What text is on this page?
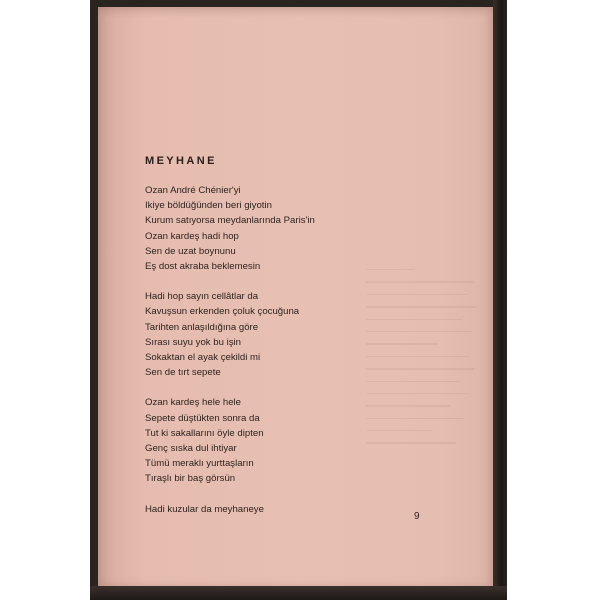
MEYHANE
Ozan André Chénier'yi
Ikiye böldüğünden beri giyotin
Kurum satıyorsa meydanlarında Paris'in
Ozan kardeş hadi hop
Sen de uzat boynunu
Eş dost akraba beklemesin
Hadi hop sayın cellâtlar da
Kavuşsun erkenden çoluk çocuğuna
Tarihten anlaşıldığına göre
Sırası suyu yok bu işin
Sokaktan el ayak çekildi mi
Sen de tırt sepete
Ozan kardeş hele hele
Sepete düştükten sonra da
Tut ki sakallarını öyle dipten
Genç sıska dul ihtiyar
Tümü meraklı yurttaşların
Tıraşlı bir baş görsün
Hadi kuzular da meyhaneye
9
